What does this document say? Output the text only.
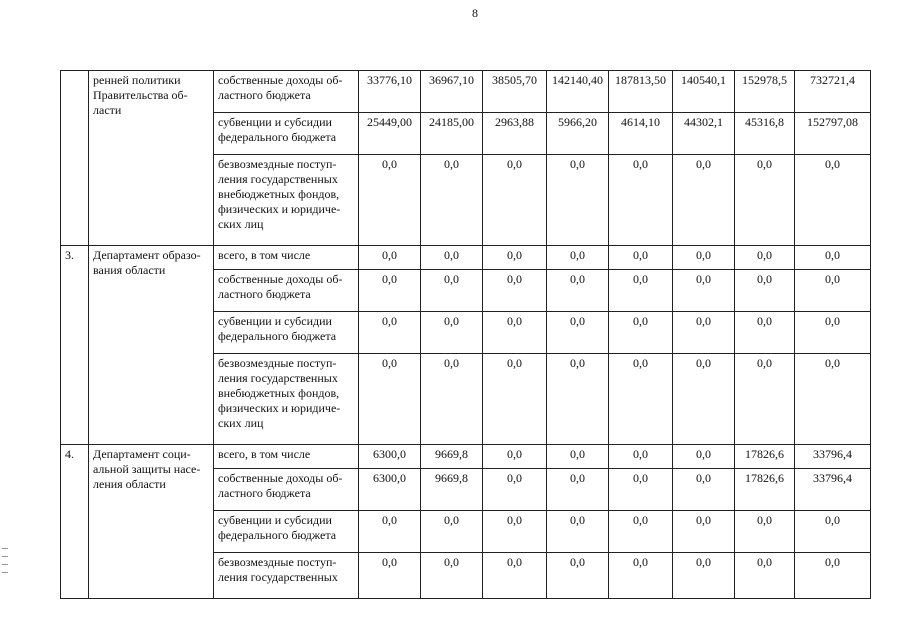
8
	ренней политики
Правительства об-
ласти	собственные доходы об-
ластного бюджета	33776,10	36967,10	38505,70	142140,40	187813,50	140540,1	152978,5	732721,4
		субвенции и субсидии
федерального бюджета	25449,00	24185,00	2963,88	5966,20	4614,10	44302,1	45316,8	152797,08
		безвозмездные поступ-
ления государственных
внебюджетных фондов,
физических и юридиче-
ских лиц	0,0	0,0	0,0	0,0	0,0	0,0	0,0	0,0
3.	Департамент образо-
вания области	всего, в том числе	0,0	0,0	0,0	0,0	0,0	0,0	0,0	0,0
		собственные доходы об-
ластного бюджета	0,0	0,0	0,0	0,0	0,0	0,0	0,0	0,0
		субвенции и субсидии
федерального бюджета	0,0	0,0	0,0	0,0	0,0	0,0	0,0	0,0
		безвозмездные поступ-
ления государственных
внебюджетных фондов,
физических и юридиче-
ских лиц	0,0	0,0	0,0	0,0	0,0	0,0	0,0	0,0
4.	Департамент соци-
альной защиты насе-
ления области	всего, в том числе	6300,0	9669,8	0,0	0,0	0,0	0,0	17826,6	33796,4
		собственные доходы об-
ластного бюджета	6300,0	9669,8	0,0	0,0	0,0	0,0	17826,6	33796,4
		субвенции и субсидии
федерального бюджета	0,0	0,0	0,0	0,0	0,0	0,0	0,0	0,0
		безвозмездные поступ-
ления государственных	0,0	0,0	0,0	0,0	0,0	0,0	0,0	0,0
